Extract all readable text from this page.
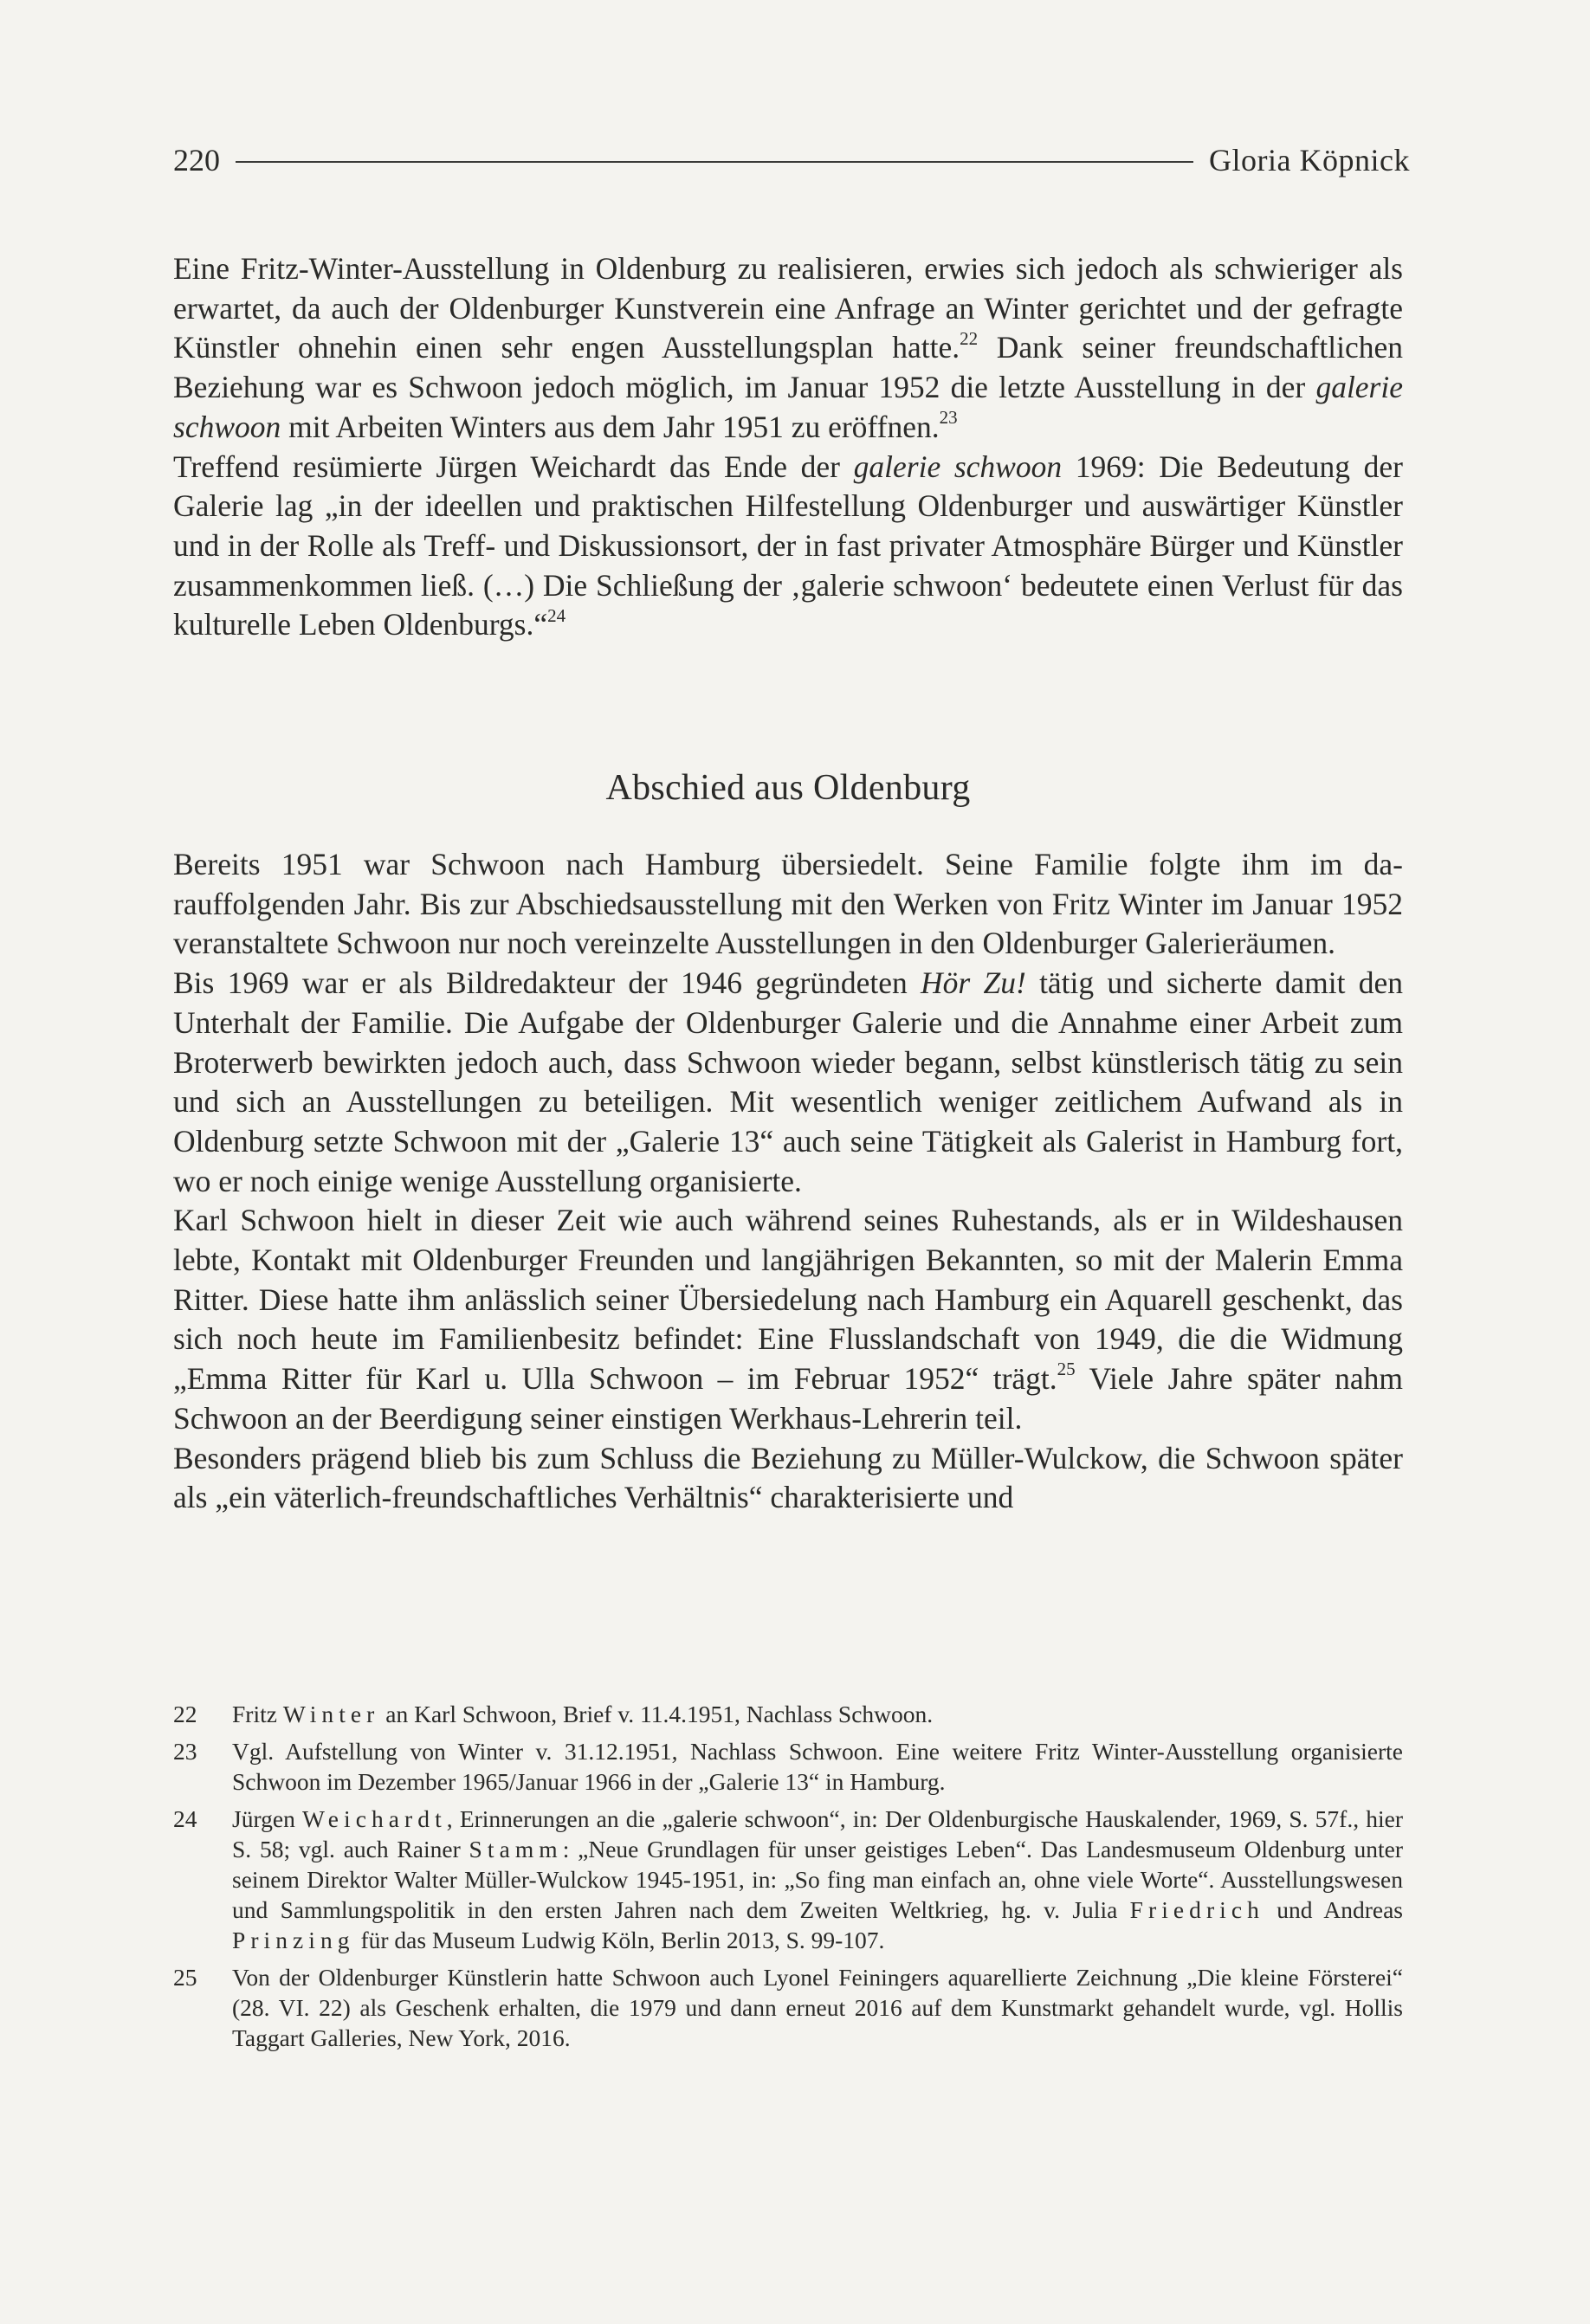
220	Gloria Köpnick

Eine Fritz-Winter-Ausstellung in Oldenburg zu realisieren, erwies sich jedoch als schwieriger als erwartet, da auch der Oldenburger Kunstverein eine Anfrage an Winter gerichtet und der gefragte Künstler ohnehin einen sehr engen Ausstellungsplan hatte.$^{22}$ Dank seiner freundschaftlichen Beziehung war es Schwoon jedoch möglich, im Januar 1952 die letzte Ausstellung in der galerie schwoon mit Arbeiten Winters aus dem Jahr 1951 zu eröffnen.$^{23}$

Treffend resümierte Jürgen Weichardt das Ende der galerie schwoon 1969: Die Bedeutung der Galerie lag „in der ideellen und praktischen Hilfestellung Oldenburger und auswärtiger Künstler und in der Rolle als Treff- und Diskussionsort, der in fast privater Atmosphäre Bürger und Künstler zusammenkommen ließ. (…) Die Schließung der ‚galerie schwoon‘ bedeutete einen Verlust für das kulturelle Leben Oldenburgs.“$^{24}$

Abschied aus Oldenburg

Bereits 1951 war Schwoon nach Hamburg übersiedelt. Seine Familie folgte ihm im darauffolgenden Jahr. Bis zur Abschiedsausstellung mit den Werken von Fritz Winter im Januar 1952 veranstaltete Schwoon nur noch vereinzelte Ausstellungen in den Oldenburger Galerieräumen.

Bis 1969 war er als Bildredakteur der 1946 gegründeten Hör Zu! tätig und sicherte damit den Unterhalt der Familie. Die Aufgabe der Oldenburger Galerie und die Annahme einer Arbeit zum Broterwerb bewirkten jedoch auch, dass Schwoon wieder begann, selbst künstlerisch tätig zu sein und sich an Ausstellungen zu beteiligen. Mit wesentlich weniger zeitlichem Aufwand als in Oldenburg setzte Schwoon mit der „Galerie 13“ auch seine Tätigkeit als Galerist in Hamburg fort, wo er noch einige wenige Ausstellung organisierte.

Karl Schwoon hielt in dieser Zeit wie auch während seines Ruhestands, als er in Wildeshausen lebte, Kontakt mit Oldenburger Freunden und langjährigen Bekannten, so mit der Malerin Emma Ritter. Diese hatte ihm anlässlich seiner Übersiedelung nach Hamburg ein Aquarell geschenkt, das sich noch heute im Familienbesitz befindet: Eine Flusslandschaft von 1949, die die Widmung „Emma Ritter für Karl u. Ulla Schwoon – im Februar 1952“ trägt.$^{25}$ Viele Jahre später nahm Schwoon an der Beerdigung seiner einstigen Werkhaus-Lehrerin teil.

Besonders prägend blieb bis zum Schluss die Beziehung zu Müller-Wulckow, die Schwoon später als „ein väterlich-freundschaftliches Verhältnis“ charakterisierte und

22	Fritz Winter an Karl Schwoon, Brief v. 11.4.1951, Nachlass Schwoon.
23	Vgl. Aufstellung von Winter v. 31.12.1951, Nachlass Schwoon. Eine weitere Fritz Winter-Ausstellung organisierte Schwoon im Dezember 1965/Januar 1966 in der „Galerie 13“ in Hamburg.
24	Jürgen Weichardt, Erinnerungen an die „galerie schwoon“, in: Der Oldenburgische Hauskalender, 1969, S. 57f., hier S. 58; vgl. auch Rainer Stamm: „Neue Grundlagen für unser geistiges Leben“. Das Landesmuseum Oldenburg unter seinem Direktor Walter Müller-Wulckow 1945-1951, in: „So fing man einfach an, ohne viele Worte“. Ausstellungswesen und Sammlungspolitik in den ersten Jahren nach dem Zweiten Weltkrieg, hg. v. Julia Friedrich und Andreas Prinzing für das Museum Ludwig Köln, Berlin 2013, S. 99-107.
25	Von der Oldenburger Künstlerin hatte Schwoon auch Lyonel Feiningers aquarellierte Zeichnung „Die kleine Försterei“ (28. VI. 22) als Geschenk erhalten, die 1979 und dann erneut 2016 auf dem Kunstmarkt gehandelt wurde, vgl. Hollis Taggart Galleries, New York, 2016.
